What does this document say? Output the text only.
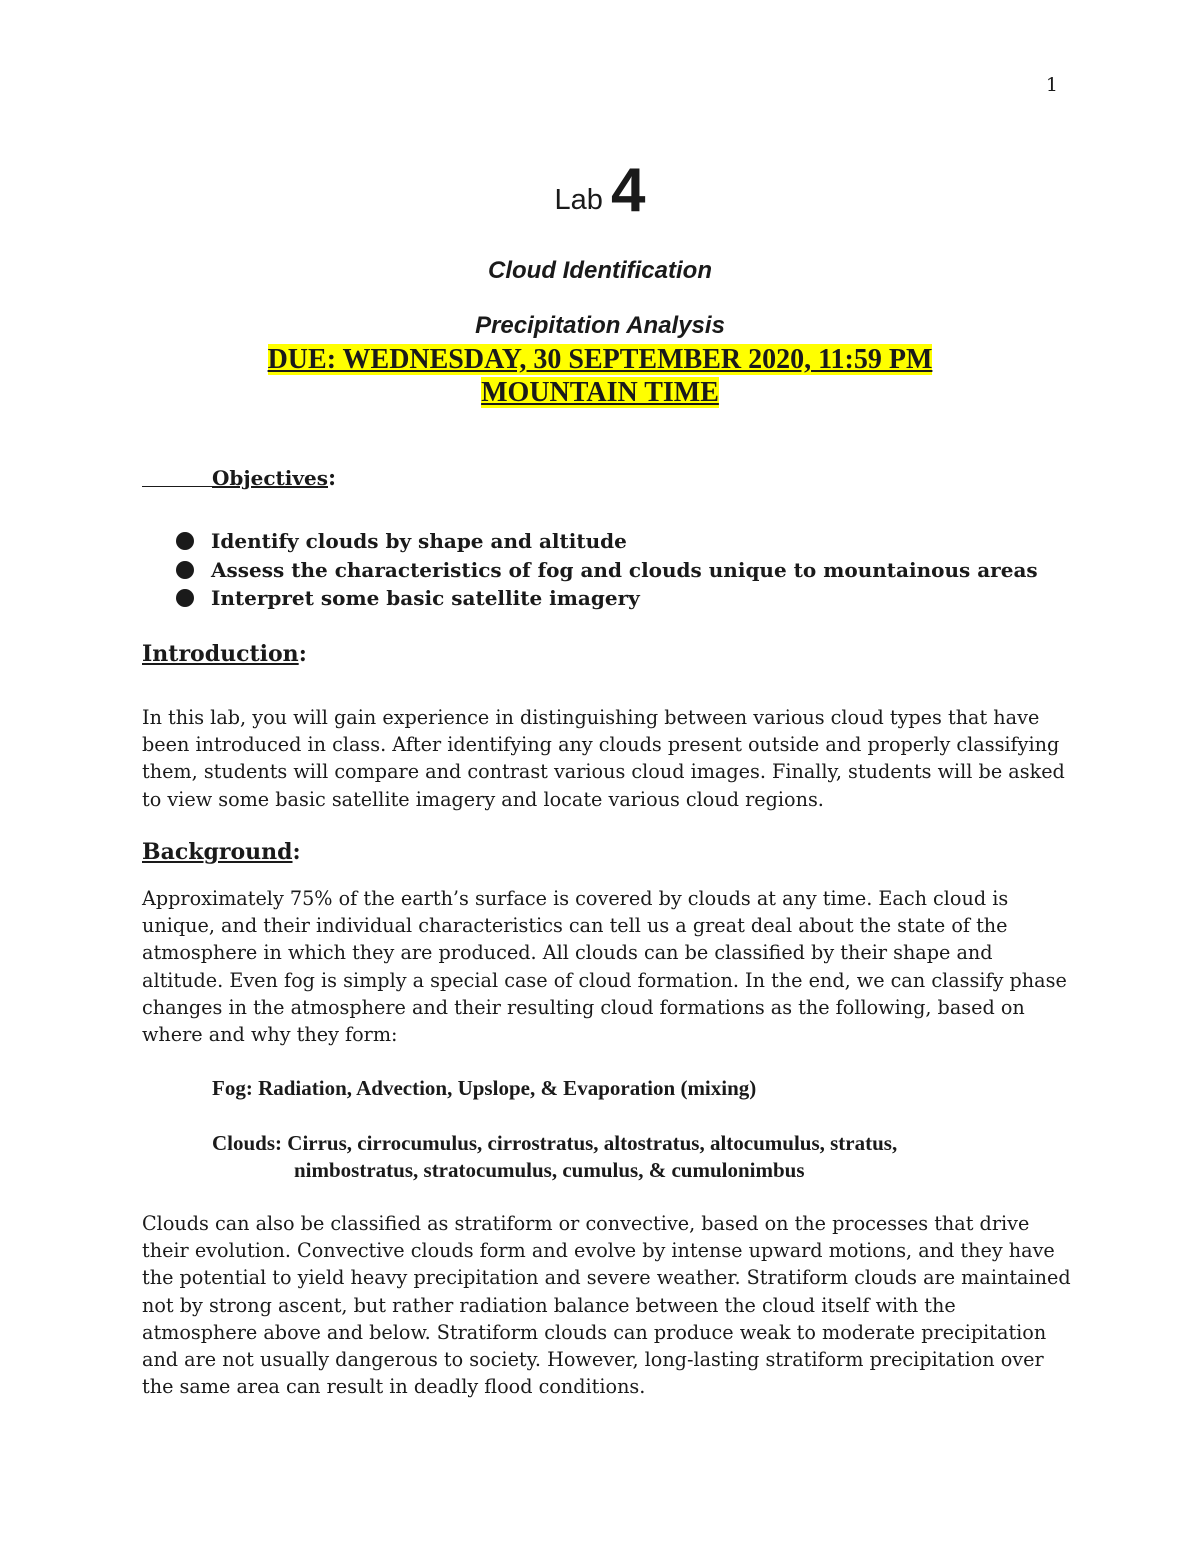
1
Lab 4
Cloud Identification
Precipitation Analysis
DUE: WEDNESDAY, 30 SEPTEMBER 2020, 11:59 PM
MOUNTAIN TIME
Objectives:
Identify clouds by shape and altitude
Assess the characteristics of fog and clouds unique to mountainous areas
Interpret some basic satellite imagery
Introduction:

In this lab, you will gain experience in distinguishing between various cloud types that have been introduced in class. After identifying any clouds present outside and properly classifying them, students will compare and contrast various cloud images. Finally, students will be asked to view some basic satellite imagery and locate various cloud regions.

Background:

Approximately 75% of the earth’s surface is covered by clouds at any time. Each cloud is unique, and their individual characteristics can tell us a great deal about the state of the atmosphere in which they are produced. All clouds can be classified by their shape and altitude. Even fog is simply a special case of cloud formation. In the end, we can classify phase changes in the atmosphere and their resulting cloud formations as the following, based on where and why they form:

Fog: Radiation, Advection, Upslope, & Evaporation (mixing)
Clouds: Cirrus, cirrocumulus, cirrostratus, altostratus, altocumulus, stratus,
nimbostratus, stratocumulus, cumulus, & cumulonimbus

Clouds can also be classified as stratiform or convective, based on the processes that drive their evolution. Convective clouds form and evolve by intense upward motions, and they have the potential to yield heavy precipitation and severe weather. Stratiform clouds are maintained not by strong ascent, but rather radiation balance between the cloud itself with the atmosphere above and below. Stratiform clouds can produce weak to moderate precipitation and are not usually dangerous to society. However, long-lasting stratiform precipitation over the same area can result in deadly flood conditions.
